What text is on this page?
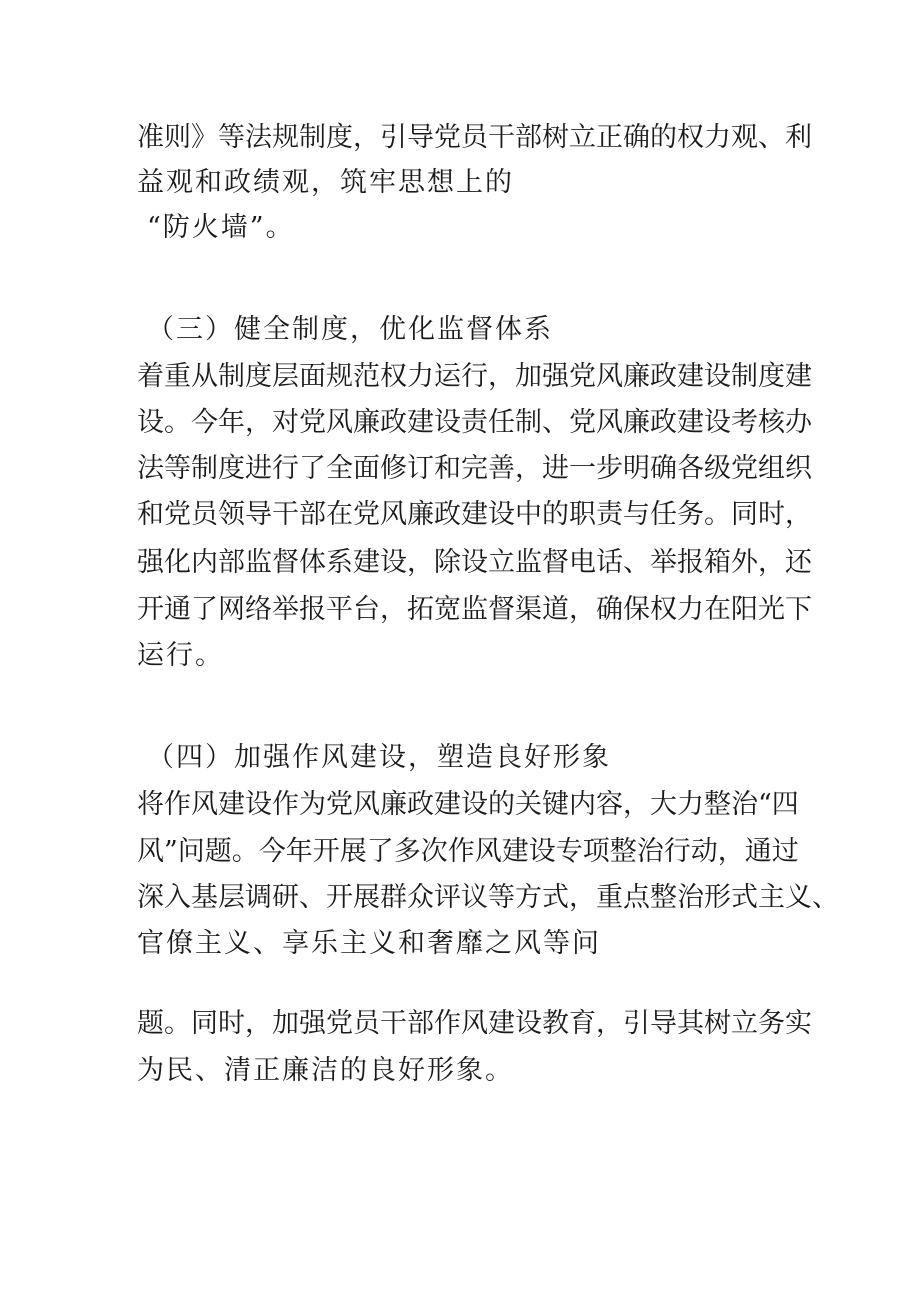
准则》等法规制度，引导党员干部树立正确的权力观、利
益观和政绩观，筑牢思想上的
“防火墙”。
（三）健全制度，优化监督体系
着重从制度层面规范权力运行，加强党风廉政建设制度建
设。今年，对党风廉政建设责任制、党风廉政建设考核办
法等制度进行了全面修订和完善，进一步明确各级党组织
和党员领导干部在党风廉政建设中的职责与任务。同时，
强化内部监督体系建设，除设立监督电话、举报箱外，还
开通了网络举报平台，拓宽监督渠道，确保权力在阳光下
运行。
（四）加强作风建设，塑造良好形象
将作风建设作为党风廉政建设的关键内容，大力整治“四
风”问题。今年开展了多次作风建设专项整治行动，通过
深入基层调研、开展群众评议等方式，重点整治形式主义、
官僚主义、享乐主义和奢靡之风等问
题。同时，加强党员干部作风建设教育，引导其树立务实
为民、清正廉洁的良好形象。
